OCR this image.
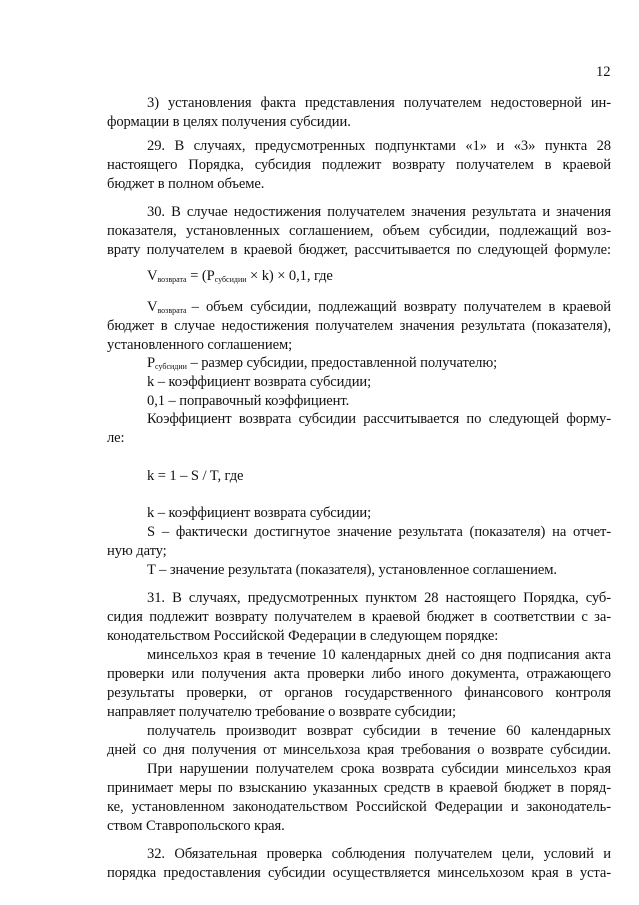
12
3) установления факта представления получателем недостоверной ин-
формации в целях получения субсидии.
29. В случаях, предусмотренных подпунктами «1» и «3» пункта 28
настоящего Порядка, субсидия подлежит возврату получателем в краевой
бюджет в полном объеме.
30. В случае недостижения получателем значения результата и значения
показателя, установленных соглашением, объем субсидии, подлежащий воз-
врату получателем в краевой бюджет, рассчитывается по следующей формуле:
$V_{возврата} = (P_{субсидии} \times k) \times 0,1$, где
$V_{возврата}$ – объем субсидии, подлежащий возврату получателем в краевой
бюджет в случае недостижения получателем значения результата (показателя),
установленного соглашением;
$P_{субсидии}$ – размер субсидии, предоставленной получателю;
k – коэффициент возврата субсидии;
0,1 – поправочный коэффициент.
Коэффициент возврата субсидии рассчитывается по следующей форму-
ле:
k = 1 – S / T, где
k – коэффициент возврата субсидии;
S – фактически достигнутое значение результата (показателя) на отчет-
ную дату;
T – значение результата (показателя), установленное соглашением.
31. В случаях, предусмотренных пунктом 28 настоящего Порядка, суб-
сидия подлежит возврату получателем в краевой бюджет в соответствии с за-
конодательством Российской Федерации в следующем порядке:
минсельхоз края в течение 10 календарных дней со дня подписания акта
проверки или получения акта проверки либо иного документа, отражающего
результаты проверки, от органов государственного финансового контроля
направляет получателю требование о возврате субсидии;
получатель производит возврат субсидии в течение 60 календарных
дней со дня получения от минсельхоза края требования о возврате субсидии.
При нарушении получателем срока возврата субсидии минсельхоз края
принимает меры по взысканию указанных средств в краевой бюджет в поряд-
ке, установленном законодательством Российской Федерации и законодатель-
ством Ставропольского края.
32. Обязательная проверка соблюдения получателем цели, условий и
порядка предоставления субсидии осуществляется минсельхозом края в уста-
